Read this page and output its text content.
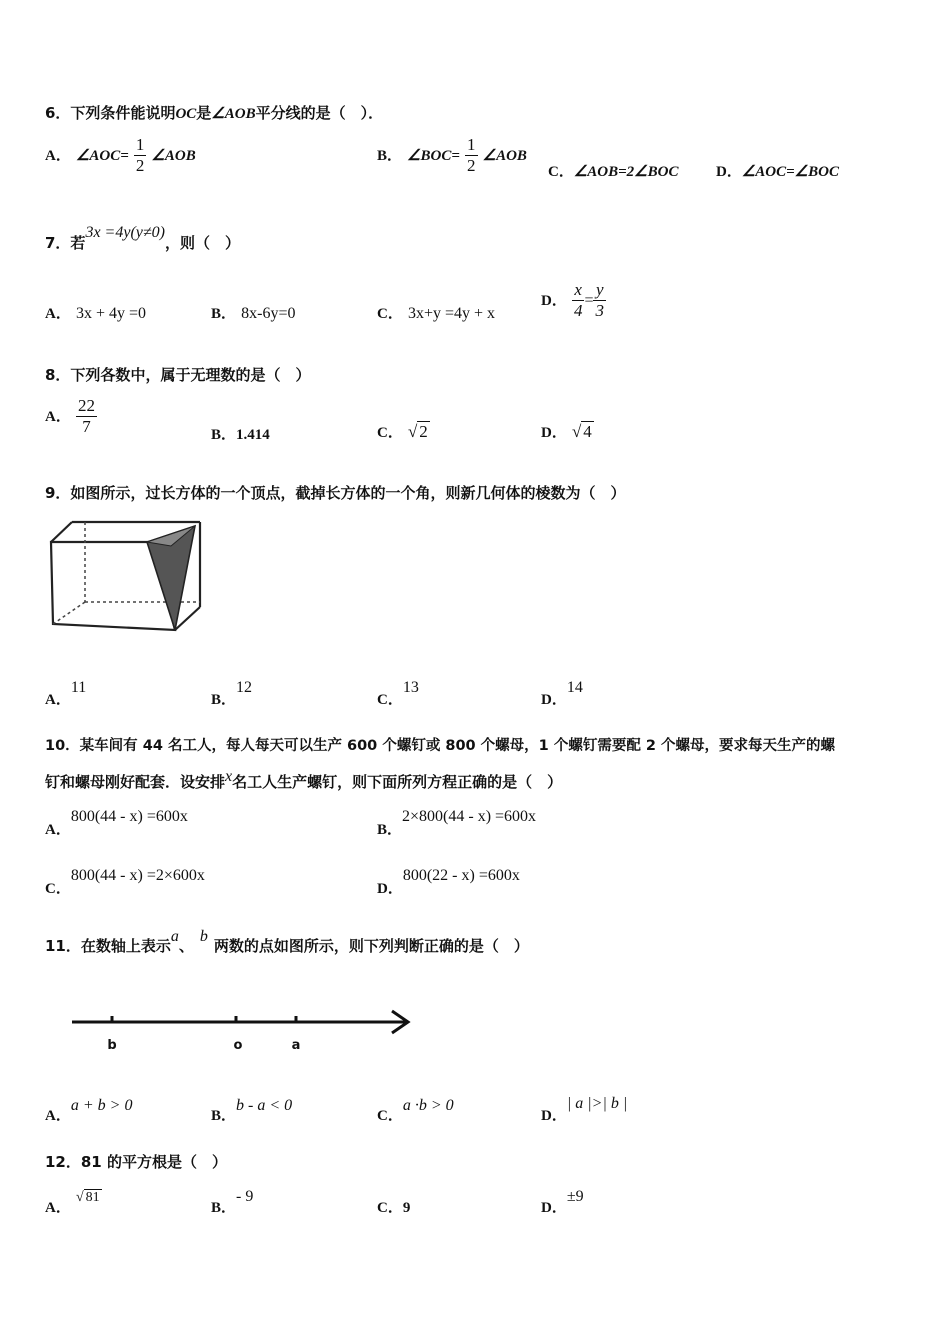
6．下列条件能说明OC是∠AOB平分线的是（　）．
A． ∠AOC= $\frac{1}{2}$ ∠AOB	B． ∠BOC= $\frac{1}{2}$ ∠AOB
C．∠AOB=2∠BOC	D．∠AOC=∠BOC
7．若3x =4y(y≠0)，则（　）
A． 3x + 4y =0	B． 8x-6y=0	C． 3x+y =4y + x
D． $\frac{x}{4} = \frac{y}{3}$
8．下列各数中，属于无理数的是（　）
A． $\frac{22}{7}$	B．1.414	C． √ 2	D． √ 4
9．如图所示，过长方体的一个顶点，截掉长方体的一个角，则新几何体的棱数为（　）
A．11
B．12
C．13
D．14
10．某车间有 44 名工人，每人每天可以生产 600 个螺钉或 800 个螺母，1 个螺钉需要配 2 个螺母，要求每天生产的螺
钉和螺母刚好配套．设安排x名工人生产螺钉，则下面所列方程正确的是（　）
A．800(44 - x) =600x
B．2×800(44 - x) =600x
C．800(44 - x) =2×600x
D．800(22 - x) =600x
11．在数轴上表示a、b两数的点如图所示，则下列判断正确的是（　）
b	o	a
A．a + b > 0
B．b - a < 0
C．a ·b > 0
D．| a |>| b |
12．81 的平方根是（　）
A． √ 81
B．- 9
C．9	D．±9
